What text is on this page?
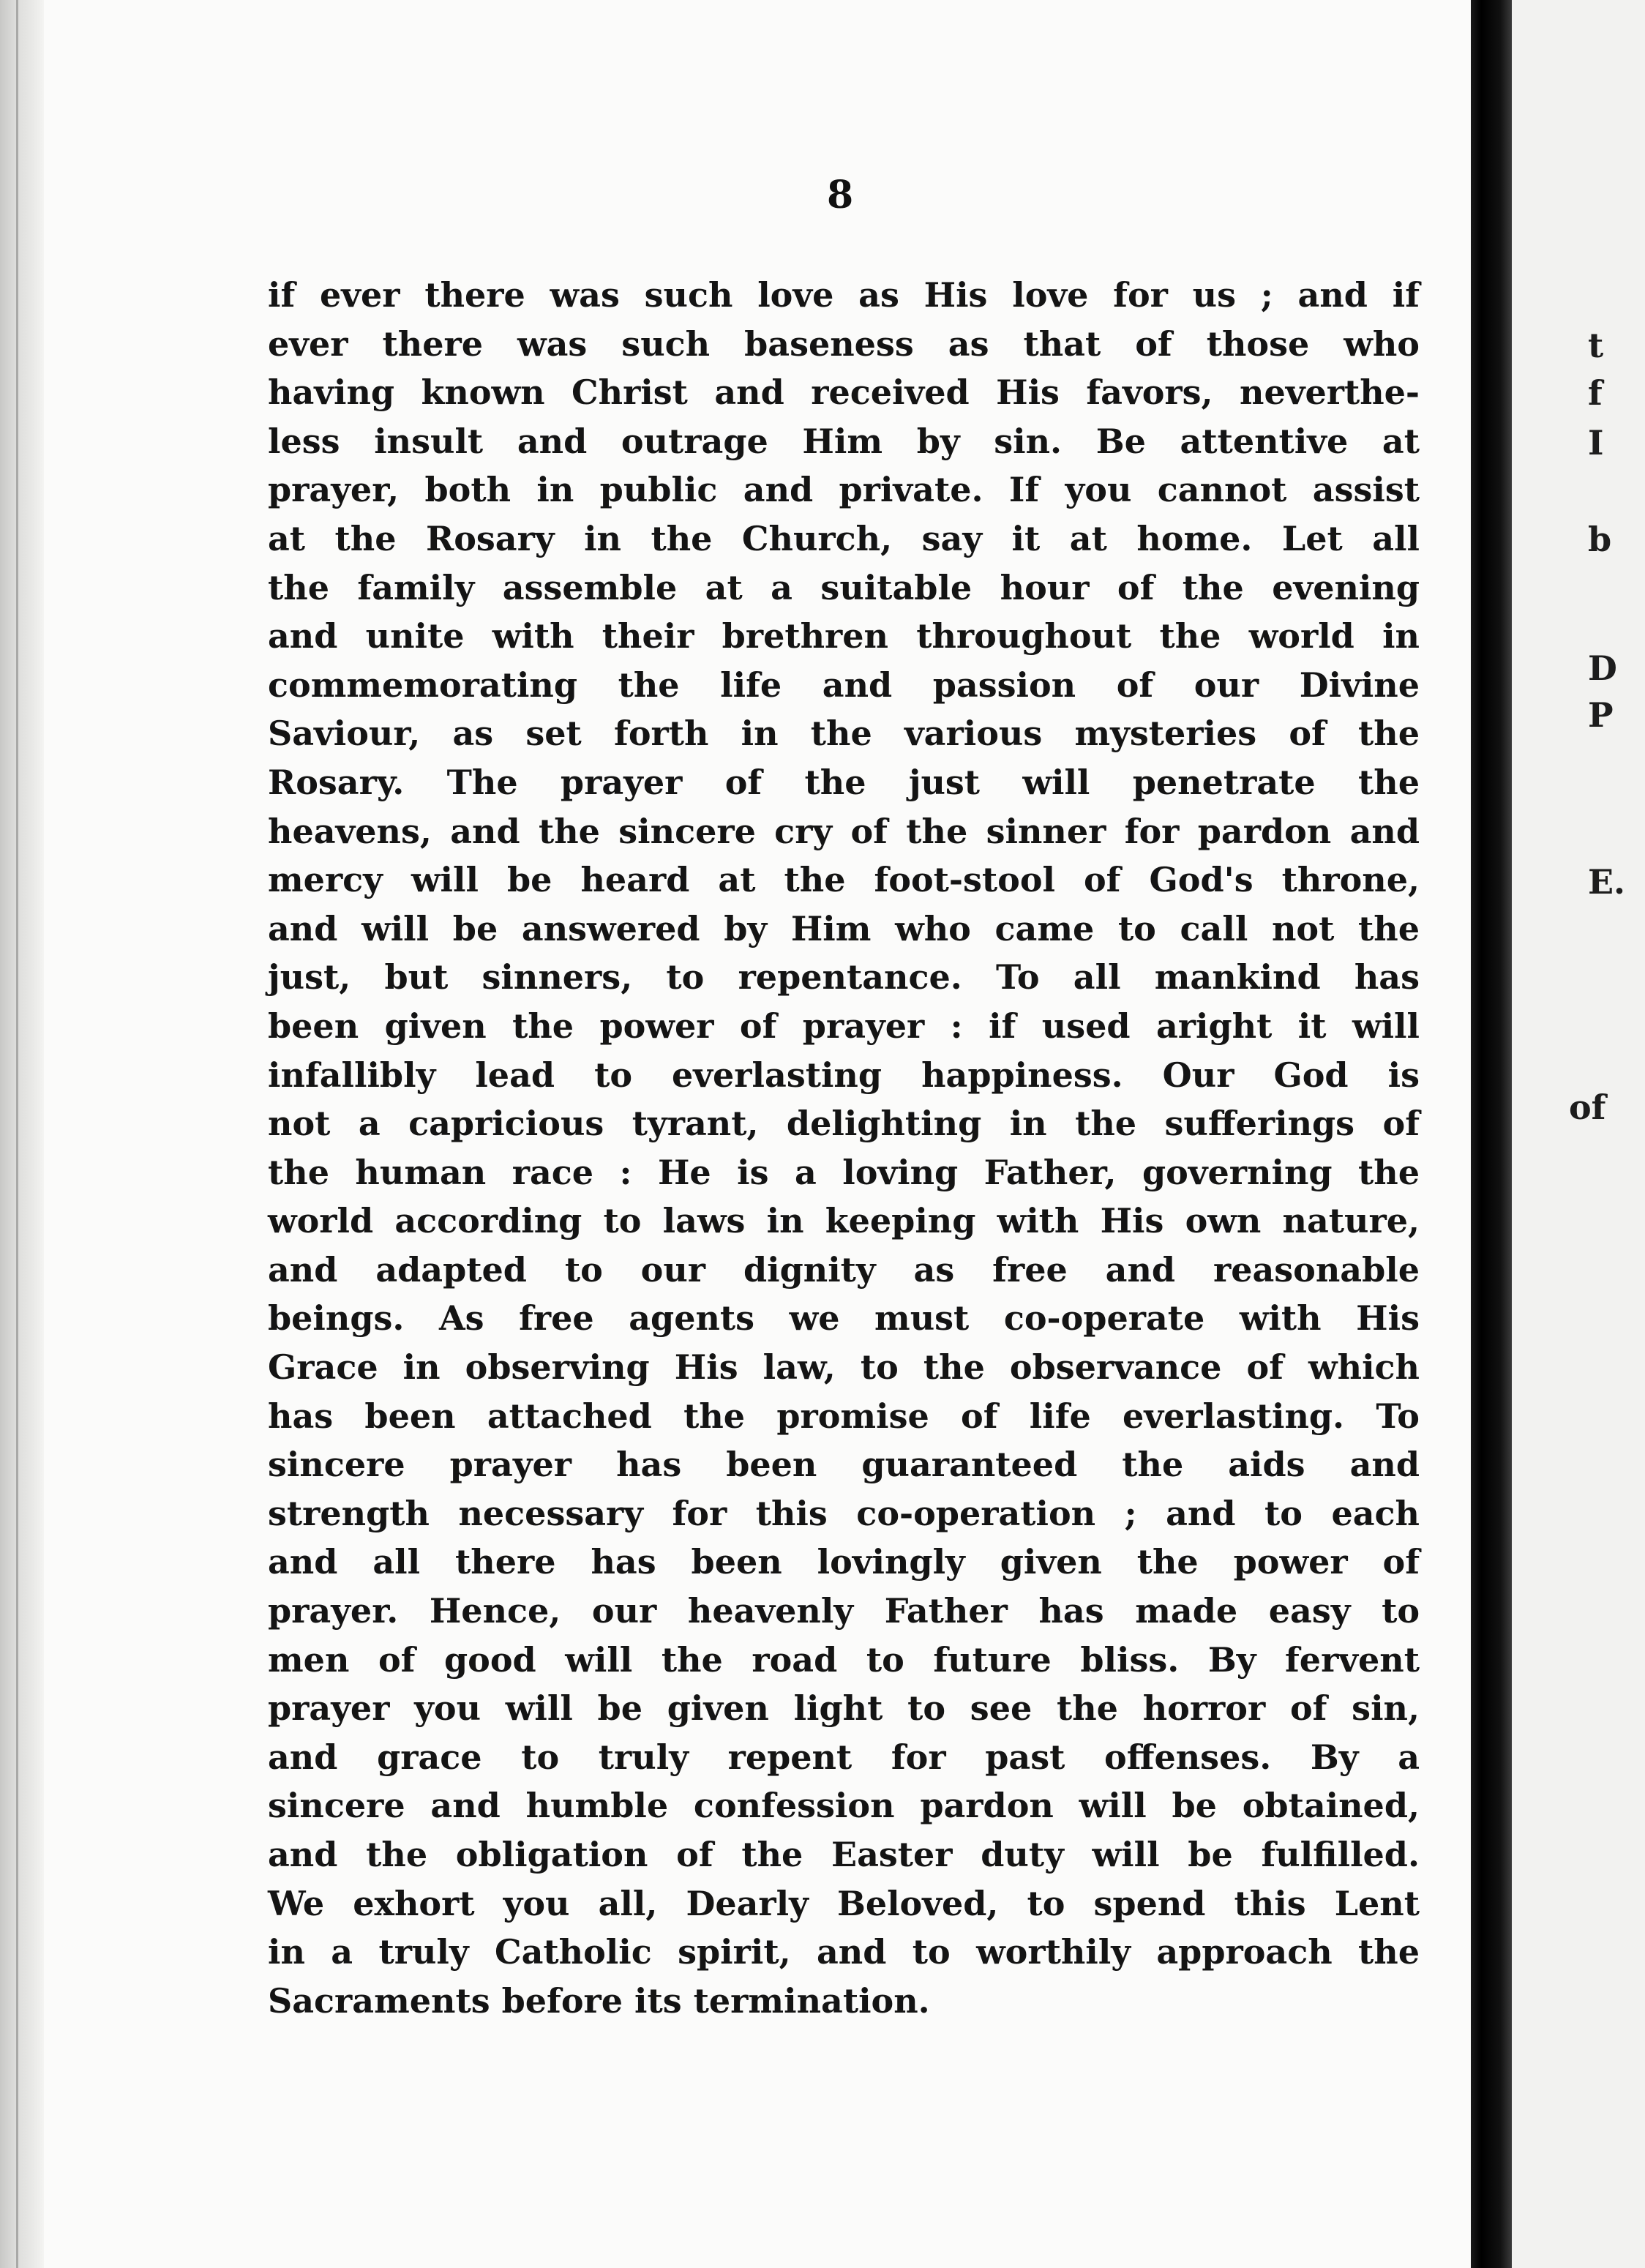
8
if ever there was such love as His love for us ; and if
ever there was such baseness as that of those who
having known Christ and received His favors, neverthe-
less insult and outrage Him by sin. Be attentive at
prayer, both in public and private. If you cannot assist
at the Rosary in the Church, say it at home. Let all
the family assemble at a suitable hour of the evening
and unite with their brethren throughout the world in
commemorating the life and passion of our Divine
Saviour, as set forth in the various mysteries of the
Rosary. The prayer of the just will penetrate the
heavens, and the sincere cry of the sinner for pardon and
mercy will be heard at the foot-stool of God's throne,
and will be answered by Him who came to call not the
just, but sinners, to repentance. To all mankind has
been given the power of prayer : if used aright it will
infallibly lead to everlasting happiness. Our God is
not a capricious tyrant, delighting in the sufferings of
the human race : He is a loving Father, governing the
world according to laws in keeping with His own nature,
and adapted to our dignity as free and reasonable
beings. As free agents we must co-operate with His
Grace in observing His law, to the observance of which
has been attached the promise of life everlasting. To
sincere prayer has been guaranteed the aids and
strength necessary for this co-operation ; and to each
and all there has been lovingly given the power of
prayer. Hence, our heavenly Father has made easy to
men of good will the road to future bliss. By fervent
prayer you will be given light to see the horror of sin,
and grace to truly repent for past offenses. By a
sincere and humble confession pardon will be obtained,
and the obligation of the Easter duty will be fulfilled.
We exhort you all, Dearly Beloved, to spend this Lent
in a truly Catholic spirit, and to worthily approach the
Sacraments before its termination.
t
f
I
b
D
P
E.
of
